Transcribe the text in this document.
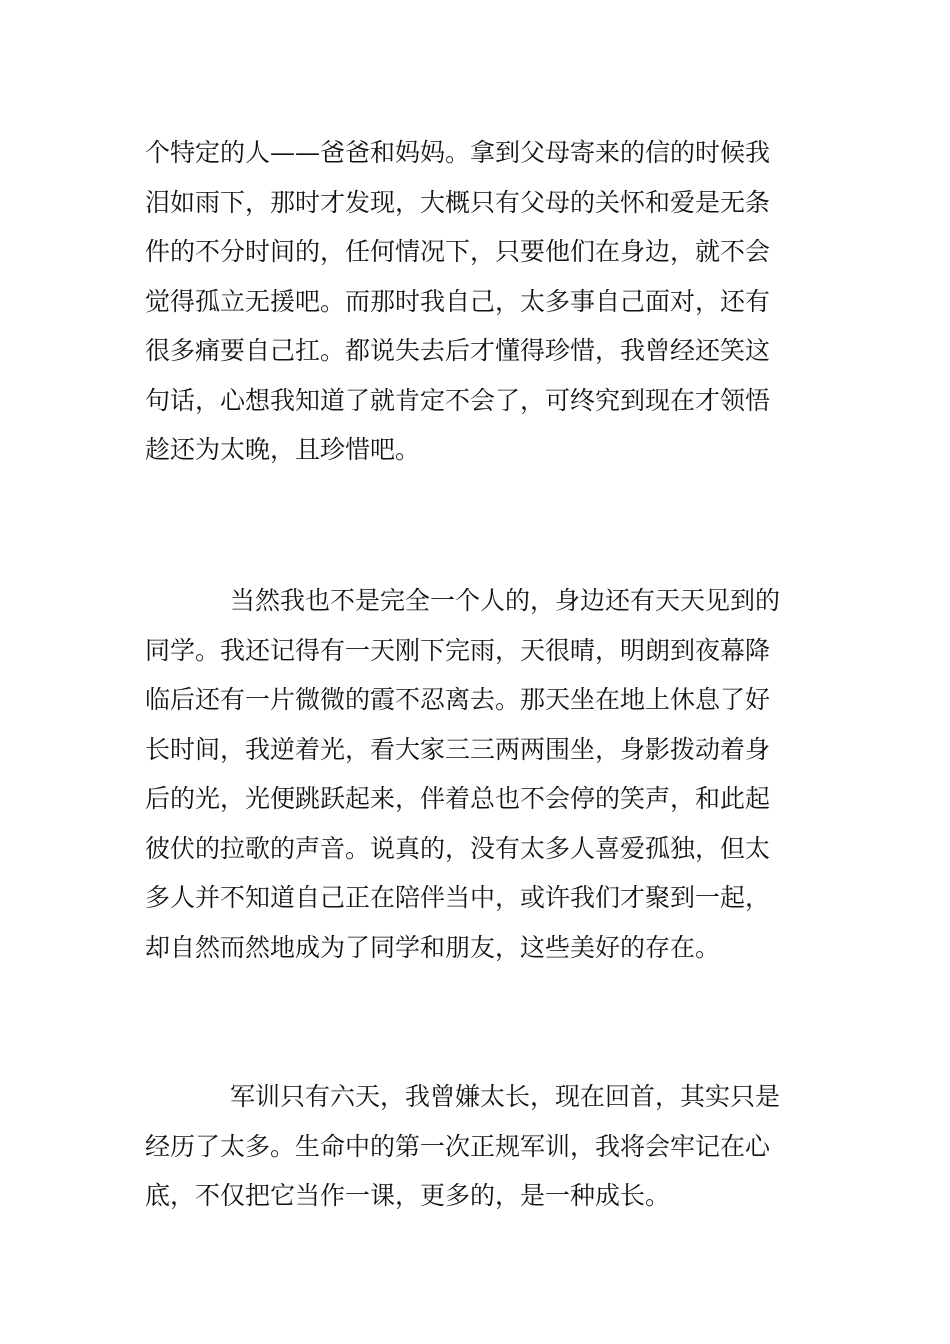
个特定的人——爸爸和妈妈。拿到父母寄来的信的时候我
泪如雨下，那时才发现，大概只有父母的关怀和爱是无条
件的不分时间的，任何情况下，只要他们在身边，就不会
觉得孤立无援吧。而那时我自己，太多事自己面对，还有
很多痛要自己扛。都说失去后才懂得珍惜，我曾经还笑这
句话，心想我知道了就肯定不会了，可终究到现在才领悟
趁还为太晚，且珍惜吧。
当然我也不是完全一个人的，身边还有天天见到的
同学。我还记得有一天刚下完雨，天很晴，明朗到夜幕降
临后还有一片微微的霞不忍离去。那天坐在地上休息了好
长时间，我逆着光，看大家三三两两围坐，身影拨动着身
后的光，光便跳跃起来，伴着总也不会停的笑声，和此起
彼伏的拉歌的声音。说真的，没有太多人喜爱孤独，但太
多人并不知道自己正在陪伴当中，或许我们才聚到一起，
却自然而然地成为了同学和朋友，这些美好的存在。
军训只有六天，我曾嫌太长，现在回首，其实只是
经历了太多。生命中的第一次正规军训，我将会牢记在心
底，不仅把它当作一课，更多的，是一种成长。
